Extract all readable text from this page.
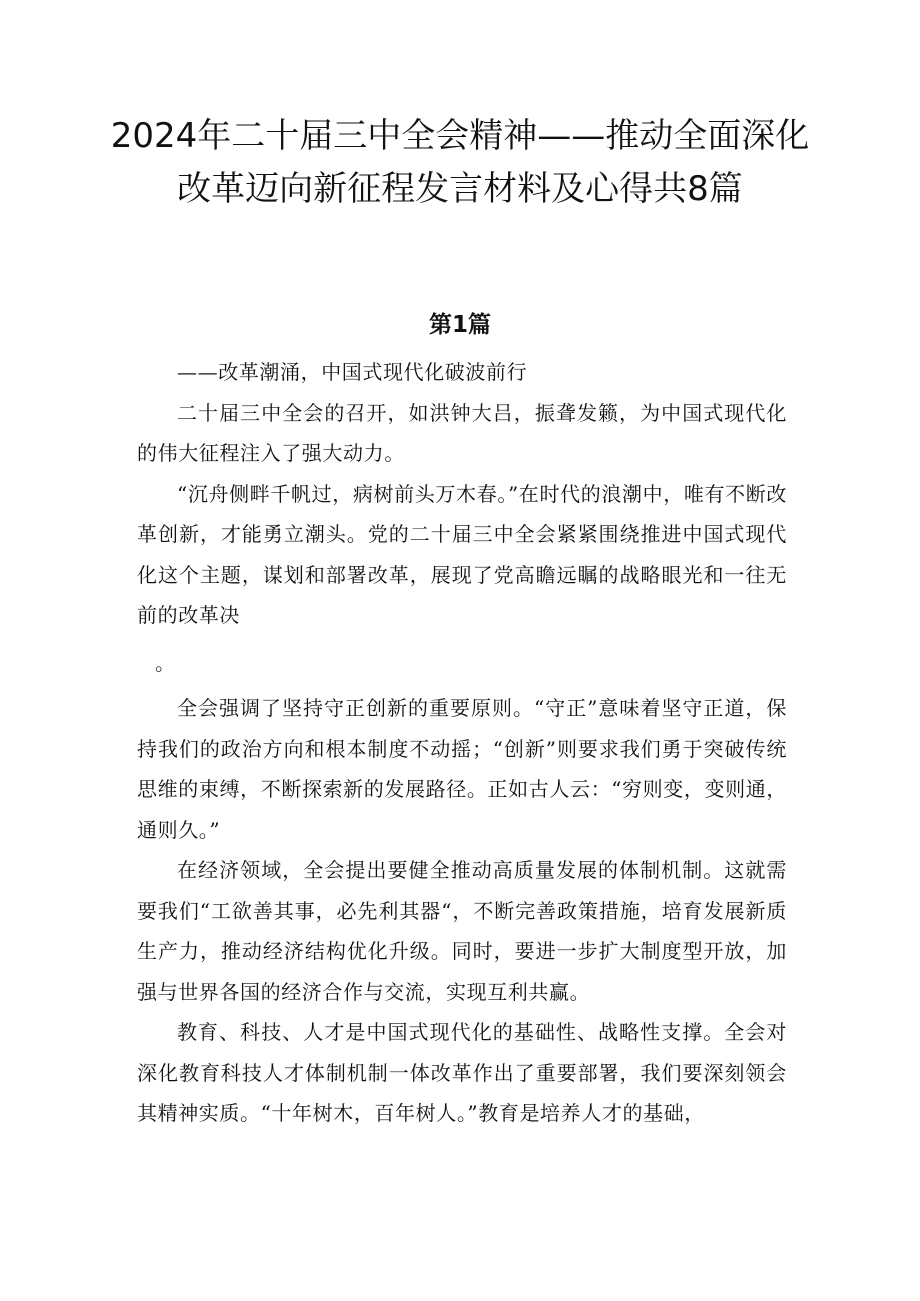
2024年二十届三中全会精神——推动全面深化改革迈向新征程发言材料及心得共8篇
第1篇

——改革潮涌，中国式现代化破波前行

二十届三中全会的召开，如洪钟大吕，振聋发籁，为中国式现代化的伟大征程注入了强大动力。

“沉舟侧畔千帆过，病树前头万木春。”在时代的浪潮中，唯有不断改革创新，才能勇立潮头。党的二十届三中全会紧紧围绕推进中国式现代化这个主题，谋划和部署改革，展现了党高瞻远瞩的战略眼光和一往无前的改革决

。

全会强调了坚持守正创新的重要原则。“守正”意味着坚守正道，保持我们的政治方向和根本制度不动摇；“创新”则要求我们勇于突破传统思维的束缚，不断探索新的发展路径。正如古人云：“穷则变，变则通，通则久。”

在经济领域，全会提出要健全推动高质量发展的体制机制。这就需要我们“工欲善其事，必先利其器“，不断完善政策措施，培育发展新质生产力，推动经济结构优化升级。同时，要进一步扩大制度型开放，加强与世界各国的经济合作与交流，实现互利共赢。

教育、科技、人才是中国式现代化的基础性、战略性支撑。全会对深化教育科技人才体制机制一体改革作出了重要部署，我们要深刻领会其精神实质。“十年树木，百年树人。”教育是培养人才的基础，
